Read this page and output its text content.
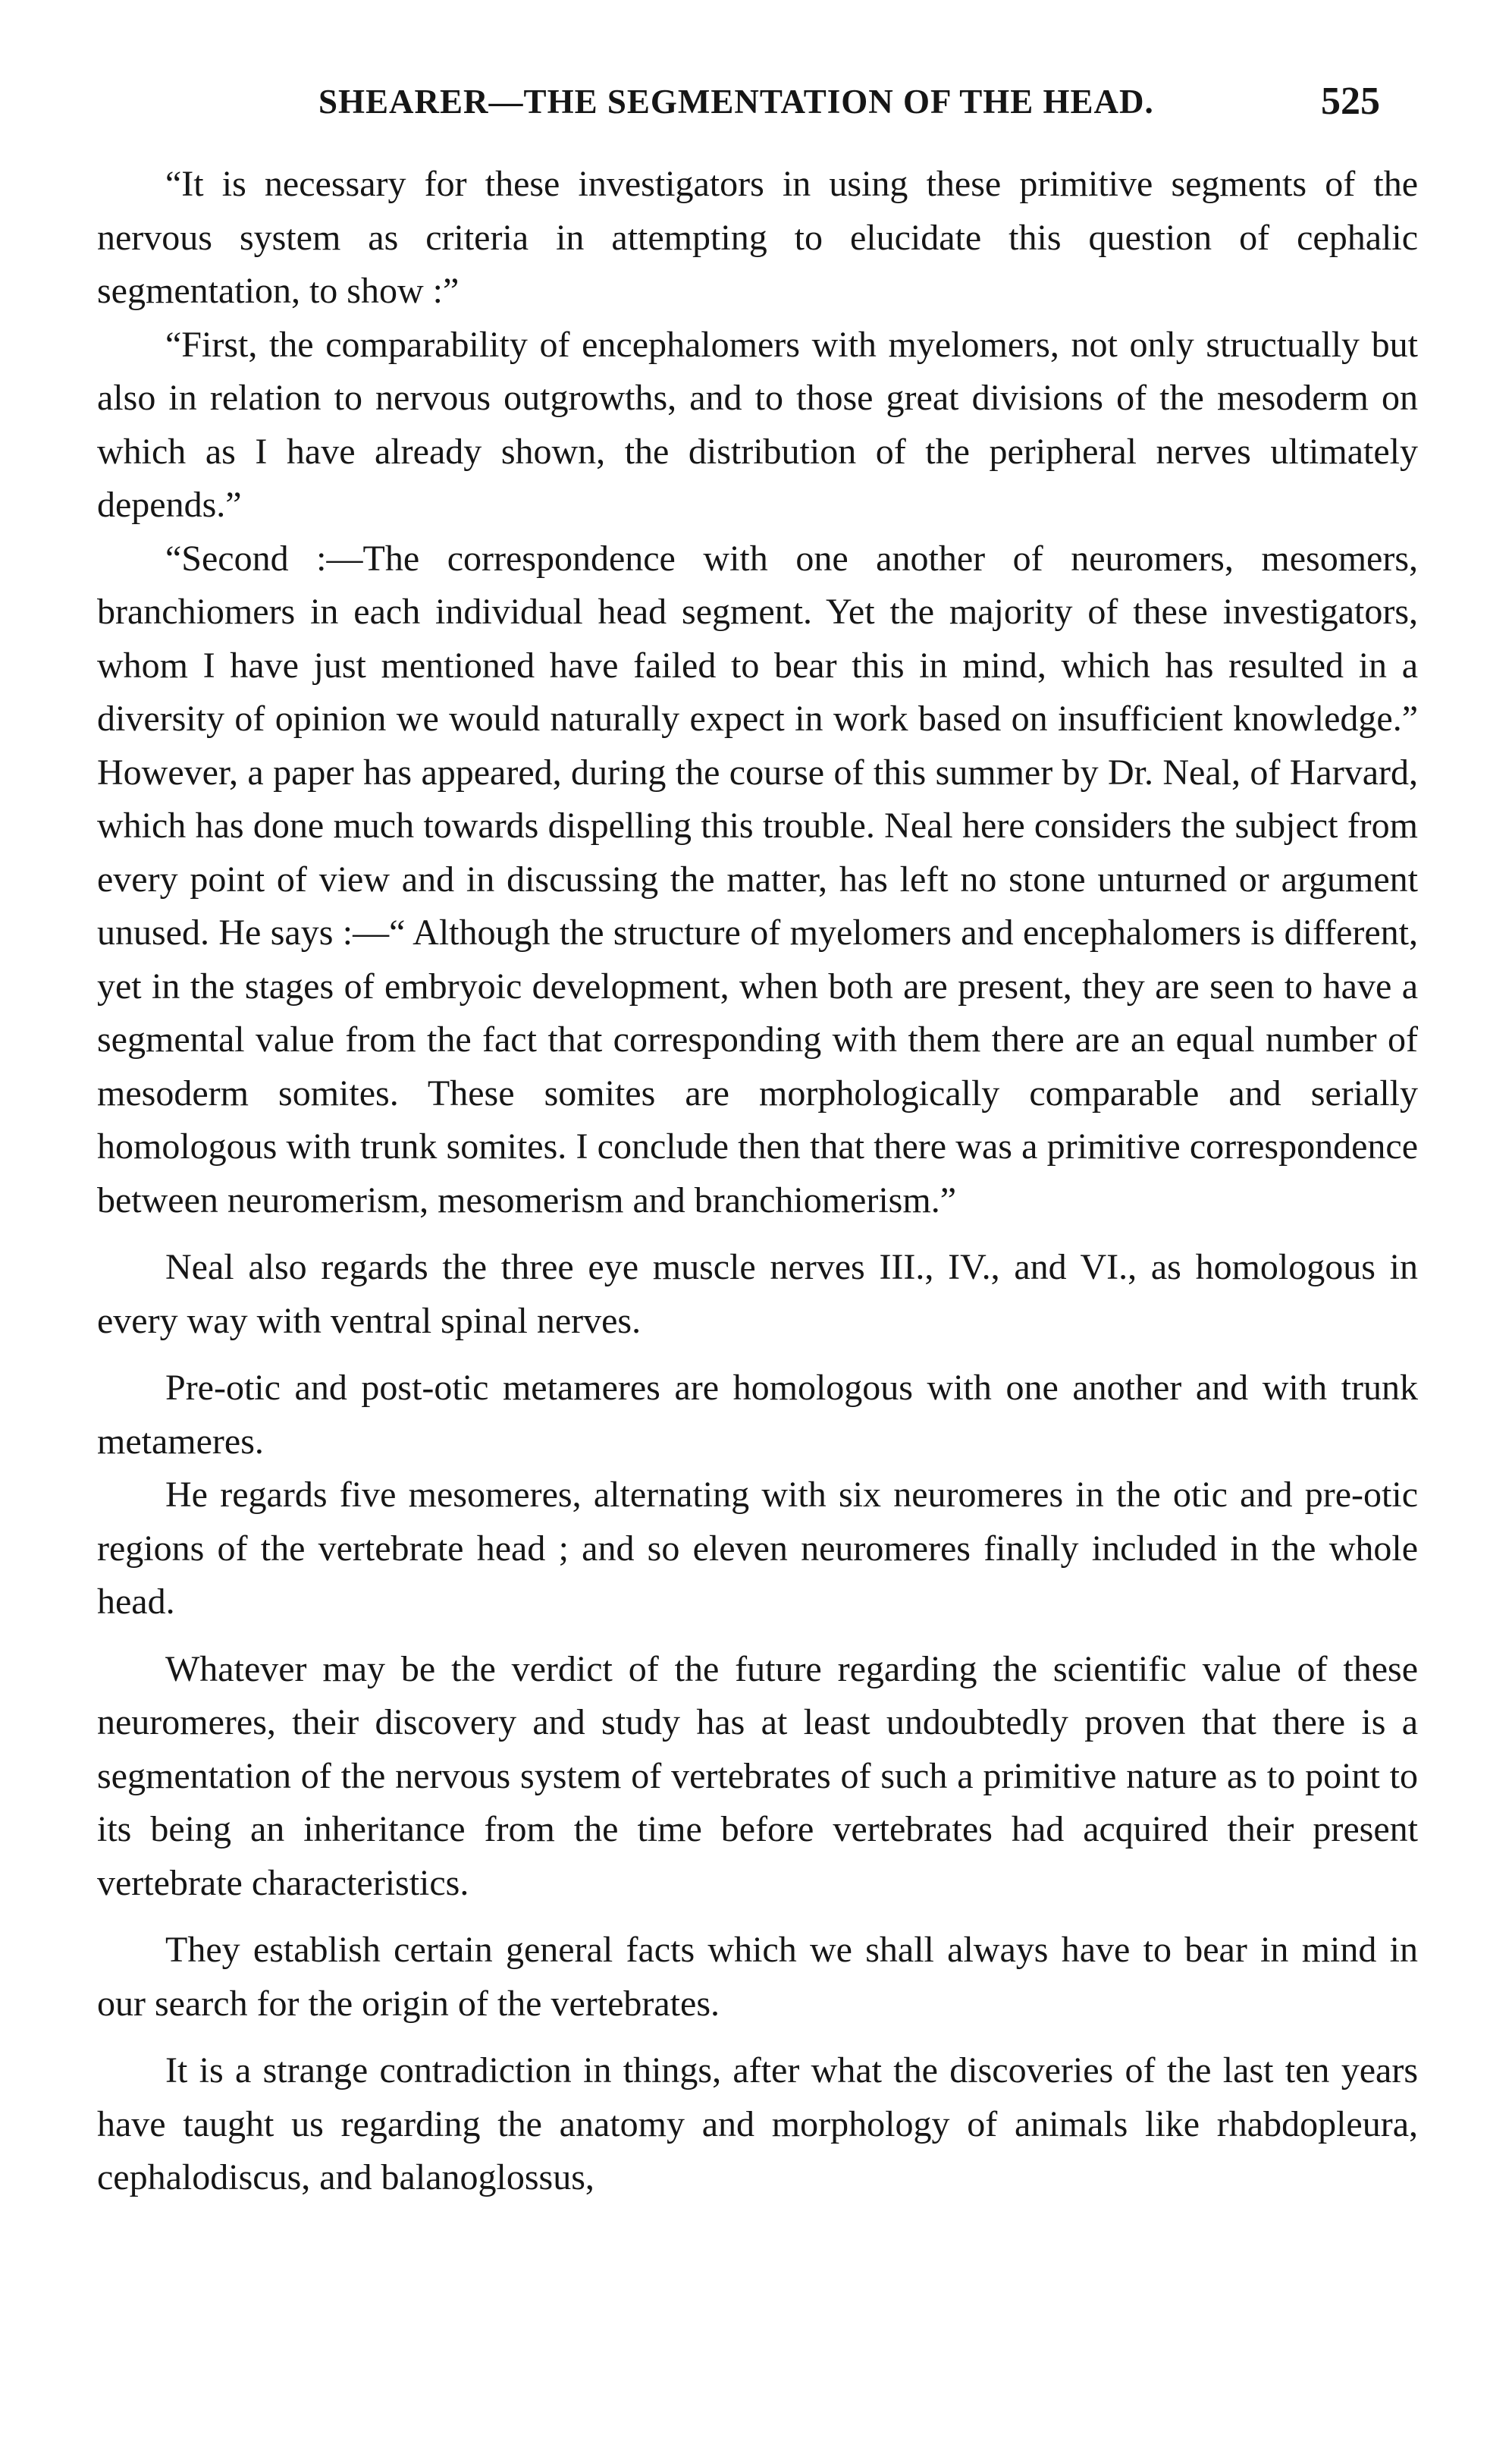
SHEARER—THE SEGMENTATION OF THE HEAD.	525

“It is necessary for these investigators in using these primitive segments of the nervous system as criteria in attempting to elucidate this question of cephalic segmentation, to show :”

“First, the comparability of encephalomers with myelomers, not only structually but also in relation to nervous outgrowths, and to those great divisions of the mesoderm on which as I have already shown, the distribution of the peripheral nerves ultimately depends.”

“Second :—The correspondence with one another of neuromers, mesomers, branchiomers in each individual head segment. Yet the majority of these investigators, whom I have just mentioned have failed to bear this in mind, which has resulted in a diversity of opinion we would naturally expect in work based on insufficient knowledge.” However, a paper has appeared, during the course of this summer by Dr. Neal, of Harvard, which has done much towards dispelling this trouble. Neal here considers the subject from every point of view and in discussing the matter, has left no stone unturned or argument unused. He says :—“ Although the structure of myelomers and encephalomers is different, yet in the stages of embryoic development, when both are present, they are seen to have a segmental value from the fact that corresponding with them there are an equal number of mesoderm somites. These somites are morphologically comparable and serially homologous with trunk somites. I conclude then that there was a primitive correspondence between neuromerism, mesomerism and branchiomerism.”

Neal also regards the three eye muscle nerves III., IV., and VI., as homologous in every way with ventral spinal nerves.

Pre-otic and post-otic metameres are homologous with one another and with trunk metameres.

He regards five mesomeres, alternating with six neuromeres in the otic and pre-otic regions of the vertebrate head ; and so eleven neuromeres finally included in the whole head.

Whatever may be the verdict of the future regarding the scientific value of these neuromeres, their discovery and study has at least undoubtedly proven that there is a segmentation of the nervous system of vertebrates of such a primitive nature as to point to its being an inheritance from the time before vertebrates had acquired their present vertebrate characteristics.

They establish certain general facts which we shall always have to bear in mind in our search for the origin of the vertebrates.

It is a strange contradiction in things, after what the discoveries of the last ten years have taught us regarding the anatomy and morphology of animals like rhabdopleura, cephalodiscus, and balanoglossus,
